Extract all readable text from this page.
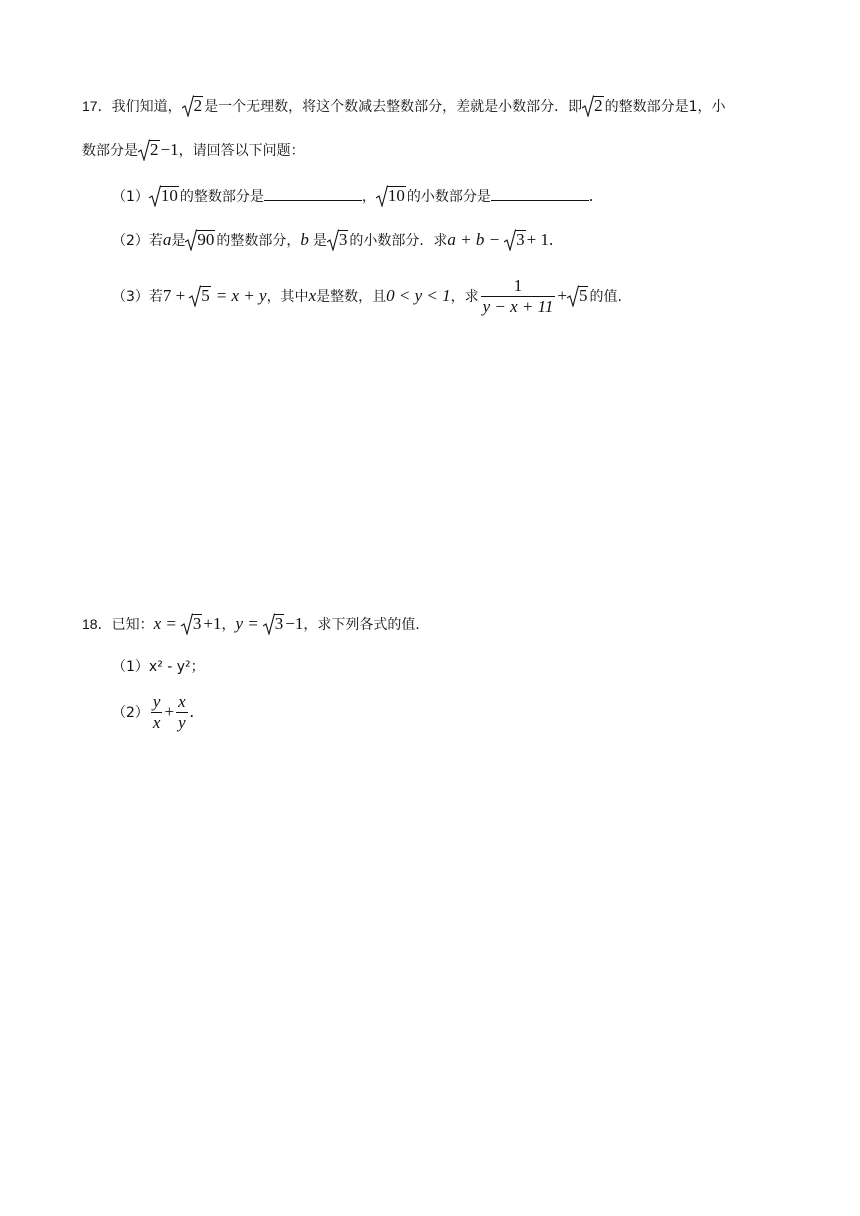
17．我们知道， 2 是一个无理数，将这个数减去整数部分，差就是小数部分．即 2 的整数部分是1，小
数部分是 2 −1，请回答以下问题：
（1） 10 的整数部分是	， 10 的小数部分是	.
（2）若a是 90 的整数部分，b 是 3 的小数部分．求a + b − 3 + 1.
（3）若7 + 5 = x + y，其中x是整数，且0 < y < 1，求 $\frac{1}{y - x + 11} + 5$ 的值.
18．已知：x = 3 +1，y = 3 −1，求下列各式的值．
（1）x² - y²；
$(2) \frac{y}{x} + \frac{x}{y}$ .
